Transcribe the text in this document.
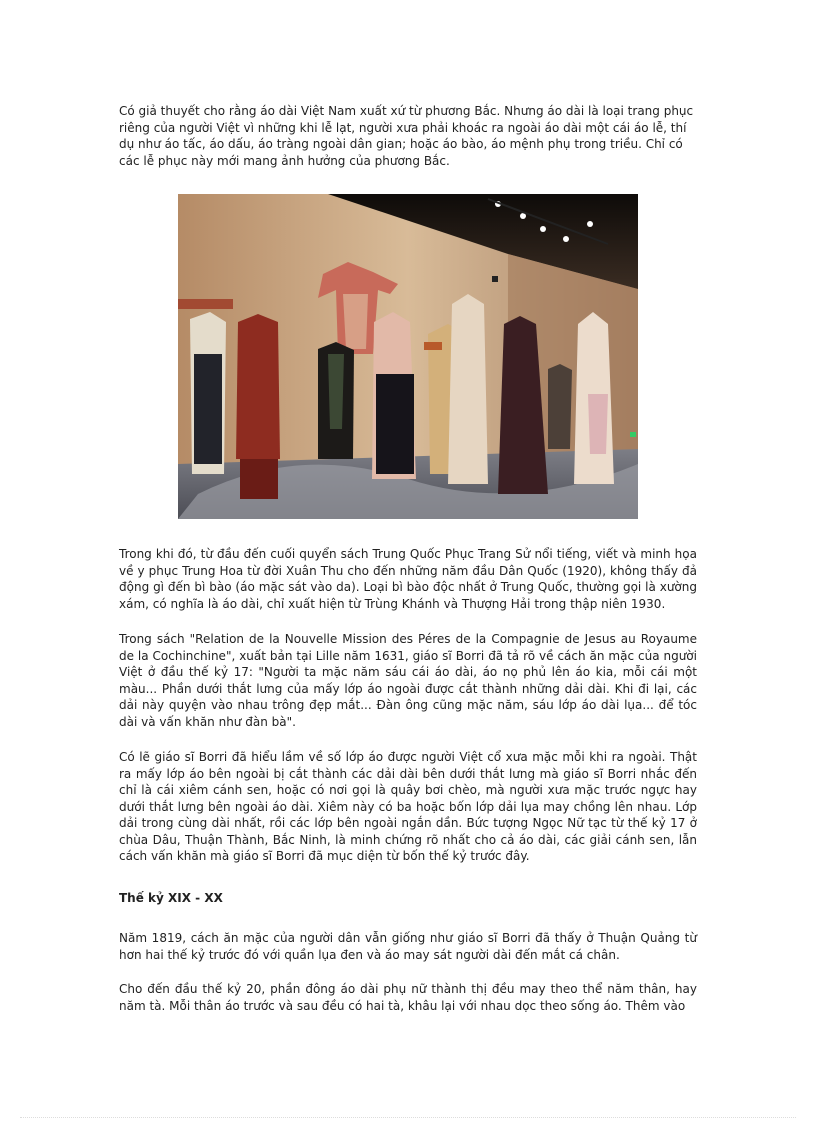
Có giả thuyết cho rằng áo dài Việt Nam xuất xứ từ phương Bắc. Nhưng áo dài là loại trang phục riêng của người Việt vì những khi lễ lạt, người xưa phải khoác ra ngoài áo dài một cái áo lễ, thí dụ như áo tấc, áo dấu, áo tràng ngoài dân gian; hoặc áo bào, áo mệnh phụ trong triều. Chỉ có các lễ phục này mới mang ảnh hưởng của phương Bắc.

Trong khi đó, từ đầu đến cuối quyển sách Trung Quốc Phục Trang Sử nổi tiếng, viết và minh họa về y phục Trung Hoa từ đời Xuân Thu cho đến những năm đầu Dân Quốc (1920), không thấy đả động gì đến bì bào (áo mặc sát vào da). Loại bì bào độc nhất ở Trung Quốc, thường gọi là xường xám, có nghĩa là áo dài, chỉ xuất hiện từ Trùng Khánh và Thượng Hải trong thập niên 1930.

Trong sách "Relation de la Nouvelle Mission des Péres de la Compagnie de Jesus au Royaume de la Cochinchine", xuất bản tại Lille năm 1631, giáo sĩ Borri đã tả rõ về cách ăn mặc của người Việt ở đầu thế kỷ 17: "Người ta mặc năm sáu cái áo dài, áo nọ phủ lên áo kia, mỗi cái một màu... Phần dưới thắt lưng của mấy lớp áo ngoài được cắt thành những dải dài. Khi đi lại, các dải này quyện vào nhau trông đẹp mắt... Đàn ông cũng mặc năm, sáu lớp áo dài lụa... để tóc dài và vấn khăn như đàn bà".

Có lẽ giáo sĩ Borri đã hiểu lầm về số lớp áo được người Việt cổ xưa mặc mỗi khi ra ngoài. Thật ra mấy lớp áo bên ngoài bị cắt thành các dải dài bên dưới thắt lưng mà giáo sĩ Borri nhắc đến chỉ là cái xiêm cánh sen, hoặc có nơi gọi là quây bơi chèo, mà người xưa mặc trước ngực hay dưới thắt lưng bên ngoài áo dài. Xiêm này có ba hoặc bốn lớp dải lụa may chồng lên nhau. Lớp dải trong cùng dài nhất, rồi các lớp bên ngoài ngắn dần. Bức tượng Ngọc Nữ tạc từ thế kỷ 17 ở chùa Dâu, Thuận Thành, Bắc Ninh, là minh chứng rõ nhất cho cả áo dài, các giải cánh sen, lẫn cách vấn khăn mà giáo sĩ Borri đã mục diện từ bốn thế kỷ trước đây.

Thế kỷ XIX - XX

Năm 1819, cách ăn mặc của người dân vẫn giống như giáo sĩ Borri đã thấy ở Thuận Quảng từ hơn hai thế kỷ trước đó với quần lụa đen và áo may sát người dài đến mắt cá chân.

Cho đến đầu thế kỷ 20, phần đông áo dài phụ nữ thành thị đều may theo thể năm thân, hay năm tà. Mỗi thân áo trước và sau đều có hai tà, khâu lại với nhau dọc theo sống áo. Thêm vào
